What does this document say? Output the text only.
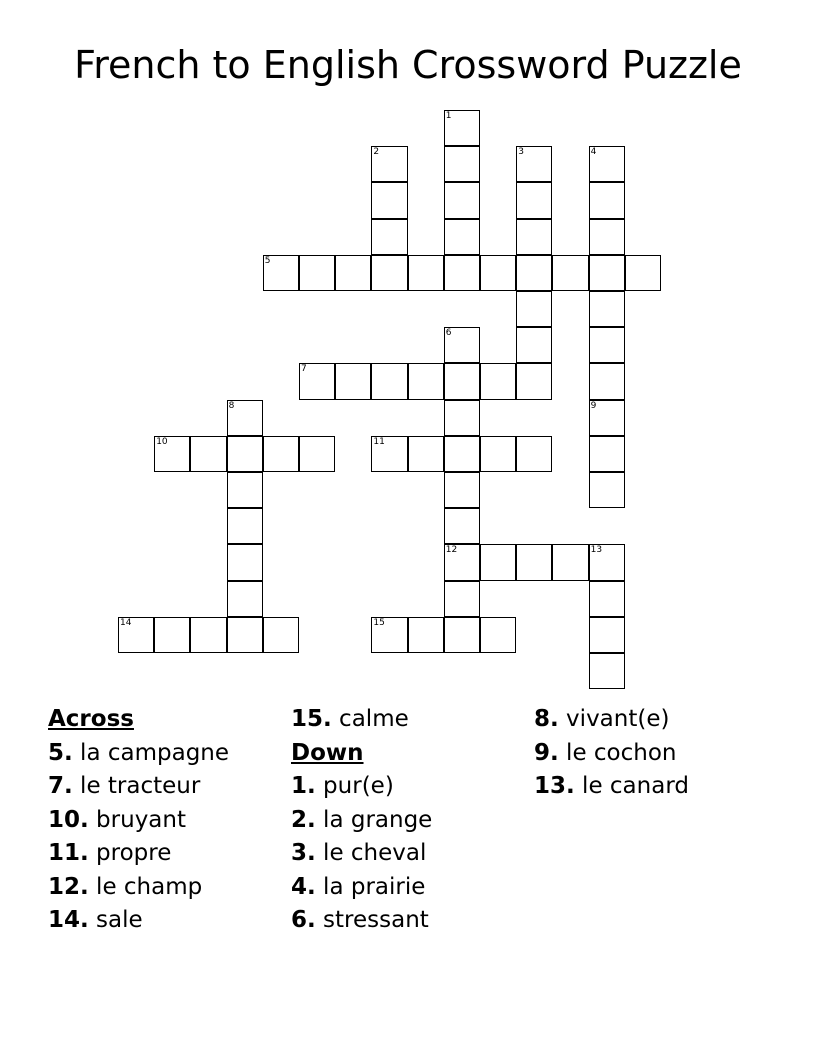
French to English Crossword Puzzle
1
2	3	4
5
6
12
7
8	9
10	11
13
14	15
Across
5. la campagne
7. le tracteur
10. bruyant
11. propre
12. le champ
14. sale
15. calme
Down
1. pur(e)
2. la grange
3. le cheval
4. la prairie
6. stressant
8. vivant(e)
9. le cochon
13. le canard
